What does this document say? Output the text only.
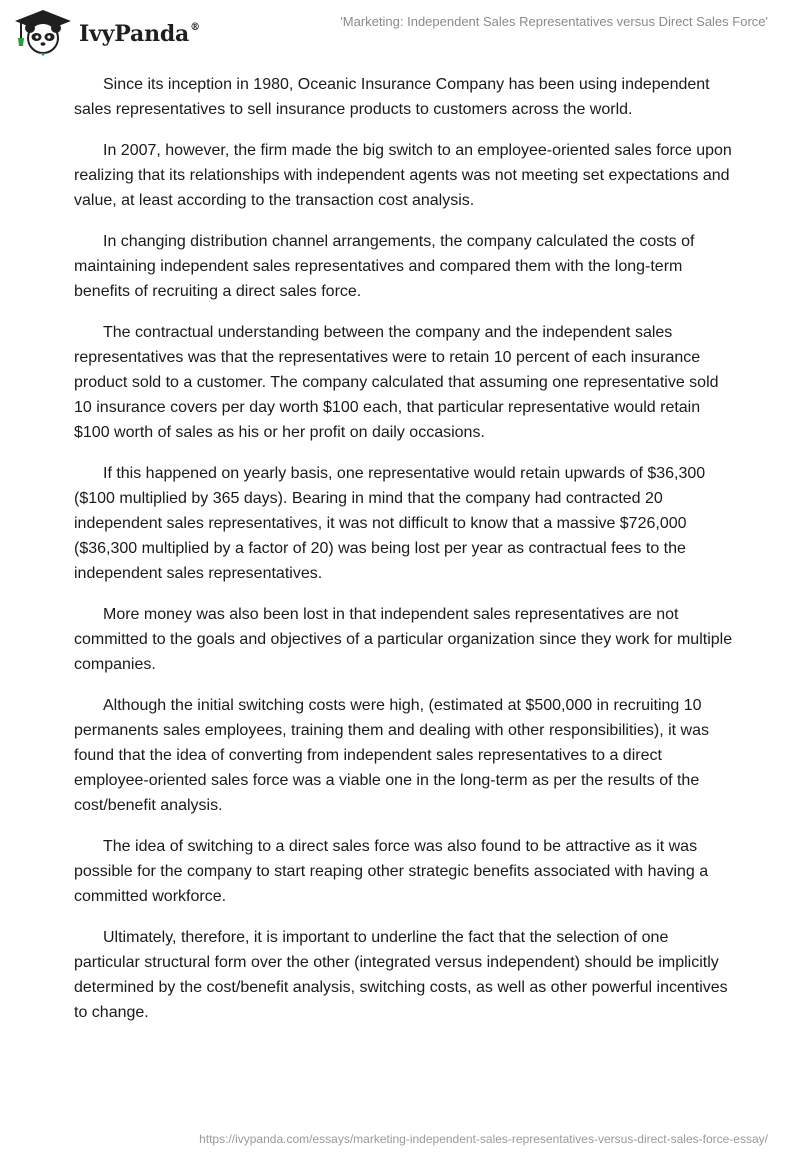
IvyPanda®	'Marketing: Independent Sales Representatives versus Direct Sales Force'

Since its inception in 1980, Oceanic Insurance Company has been using independent sales representatives to sell insurance products to customers across the world.

In 2007, however, the firm made the big switch to an employee-oriented sales force upon realizing that its relationships with independent agents was not meeting set expectations and value, at least according to the transaction cost analysis.

In changing distribution channel arrangements, the company calculated the costs of maintaining independent sales representatives and compared them with the long-term benefits of recruiting a direct sales force.

The contractual understanding between the company and the independent sales representatives was that the representatives were to retain 10 percent of each insurance product sold to a customer. The company calculated that assuming one representative sold 10 insurance covers per day worth $100 each, that particular representative would retain $100 worth of sales as his or her profit on daily occasions.

If this happened on yearly basis, one representative would retain upwards of $36,300 ($100 multiplied by 365 days). Bearing in mind that the company had contracted 20 independent sales representatives, it was not difficult to know that a massive $726,000 ($36,300 multiplied by a factor of 20) was being lost per year as contractual fees to the independent sales representatives.

More money was also been lost in that independent sales representatives are not committed to the goals and objectives of a particular organization since they work for multiple companies.

Although the initial switching costs were high, (estimated at $500,000 in recruiting 10 permanents sales employees, training them and dealing with other responsibilities), it was found that the idea of converting from independent sales representatives to a direct employee-oriented sales force was a viable one in the long-term as per the results of the cost/benefit analysis.

The idea of switching to a direct sales force was also found to be attractive as it was possible for the company to start reaping other strategic benefits associated with having a committed workforce.

Ultimately, therefore, it is important to underline the fact that the selection of one particular structural form over the other (integrated versus independent) should be implicitly determined by the cost/benefit analysis, switching costs, as well as other powerful incentives to change.

https://ivypanda.com/essays/marketing-independent-sales-representatives-versus-direct-sales-force-essay/
